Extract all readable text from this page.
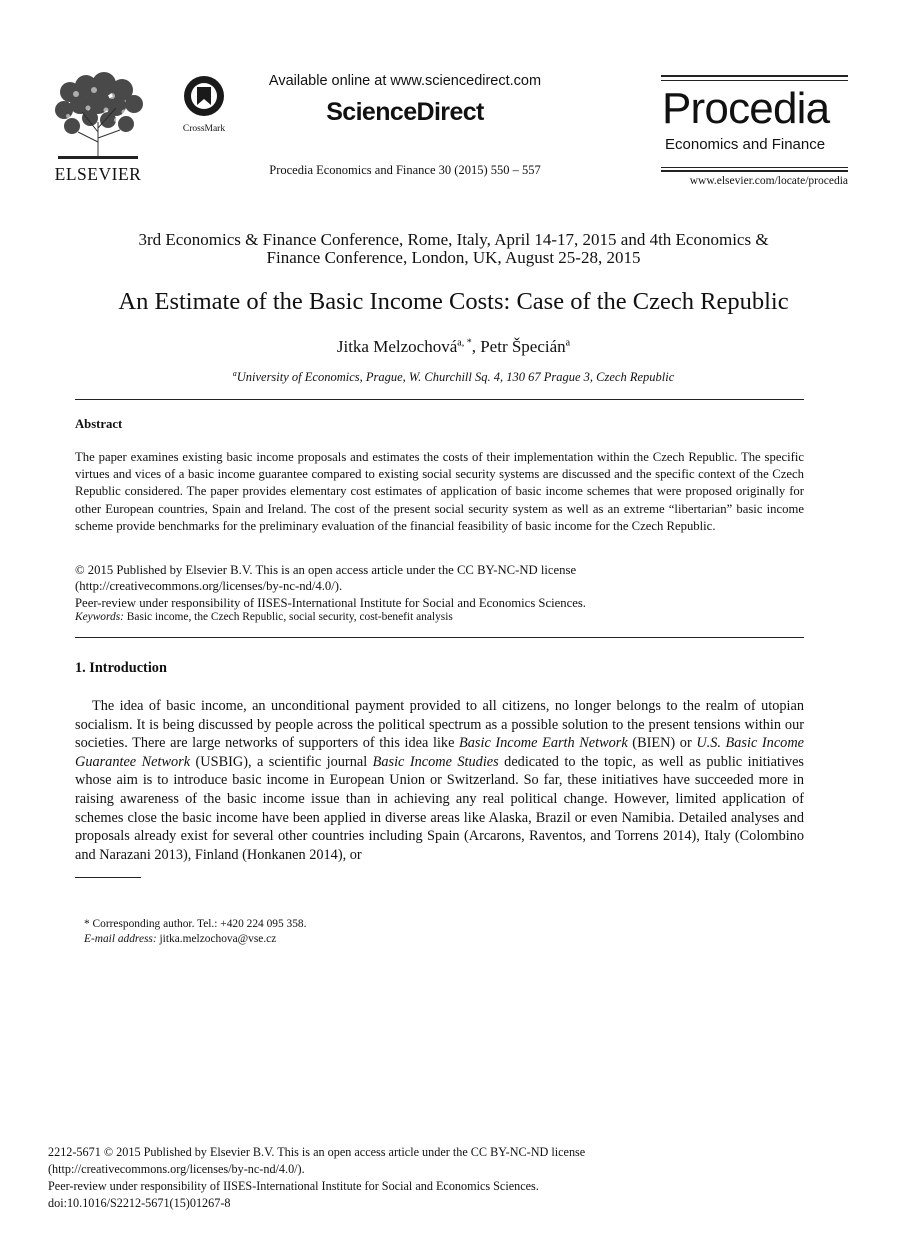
ELSEVIER
CrossMark
Available online at www.sciencedirect.com
ScienceDirect
Procedia Economics and Finance 30 (2015) 550 – 557
Procedia
Economics and Finance
www.elsevier.com/locate/procedia
3rd Economics & Finance Conference, Rome, Italy, April 14-17, 2015 and 4th Economics &
Finance Conference, London, UK, August 25-28, 2015
An Estimate of the Basic Income Costs: Case of the Czech Republic
Jitka Melzochová$^{a, *}$, Petr Špecián$^a$
$^a$University of Economics, Prague, W. Churchill Sq. 4, 130 67 Prague 3, Czech Republic
Abstract
The paper examines existing basic income proposals and estimates the costs of their implementation within the Czech Republic. The specific virtues and vices of a basic income guarantee compared to existing social security systems are discussed and the specific context of the Czech Republic considered. The paper provides elementary cost estimates of application of basic income schemes that were proposed originally for other European countries, Spain and Ireland. The cost of the present social security system as well as an extreme “libertarian” basic income scheme provide benchmarks for the preliminary evaluation of the financial feasibility of basic income for the Czech Republic.
© 2015 Published by Elsevier B.V. This is an open access article under the CC BY-NC-ND license
(http://creativecommons.org/licenses/by-nc-nd/4.0/).
Peer-review under responsibility of IISES-International Institute for Social and Economics Sciences.
Keywords: Basic income, the Czech Republic, social security, cost-benefit analysis
1. Introduction
The idea of basic income, an unconditional payment provided to all citizens, no longer belongs to the realm of utopian socialism. It is being discussed by people across the political spectrum as a possible solution to the present tensions within our societies. There are large networks of supporters of this idea like Basic Income Earth Network (BIEN) or U.S. Basic Income Guarantee Network (USBIG), a scientific journal Basic Income Studies dedicated to the topic, as well as public initiatives whose aim is to introduce basic income in European Union or Switzerland. So far, these initiatives have succeeded more in raising awareness of the basic income issue than in achieving any real political change. However, limited application of schemes close the basic income have been applied in diverse areas like Alaska, Brazil or even Namibia. Detailed analyses and proposals already exist for several other countries including Spain (Arcarons, Raventos, and Torrens 2014), Italy (Colombino and Narazani 2013), Finland (Honkanen 2014), or
* Corresponding author. Tel.: +420 224 095 358.
E-mail address: jitka.melzochova@vse.cz
2212-5671 © 2015 Published by Elsevier B.V. This is an open access article under the CC BY-NC-ND license
(http://creativecommons.org/licenses/by-nc-nd/4.0/).
Peer-review under responsibility of IISES-International Institute for Social and Economics Sciences.
doi:10.1016/S2212-5671(15)01267-8
